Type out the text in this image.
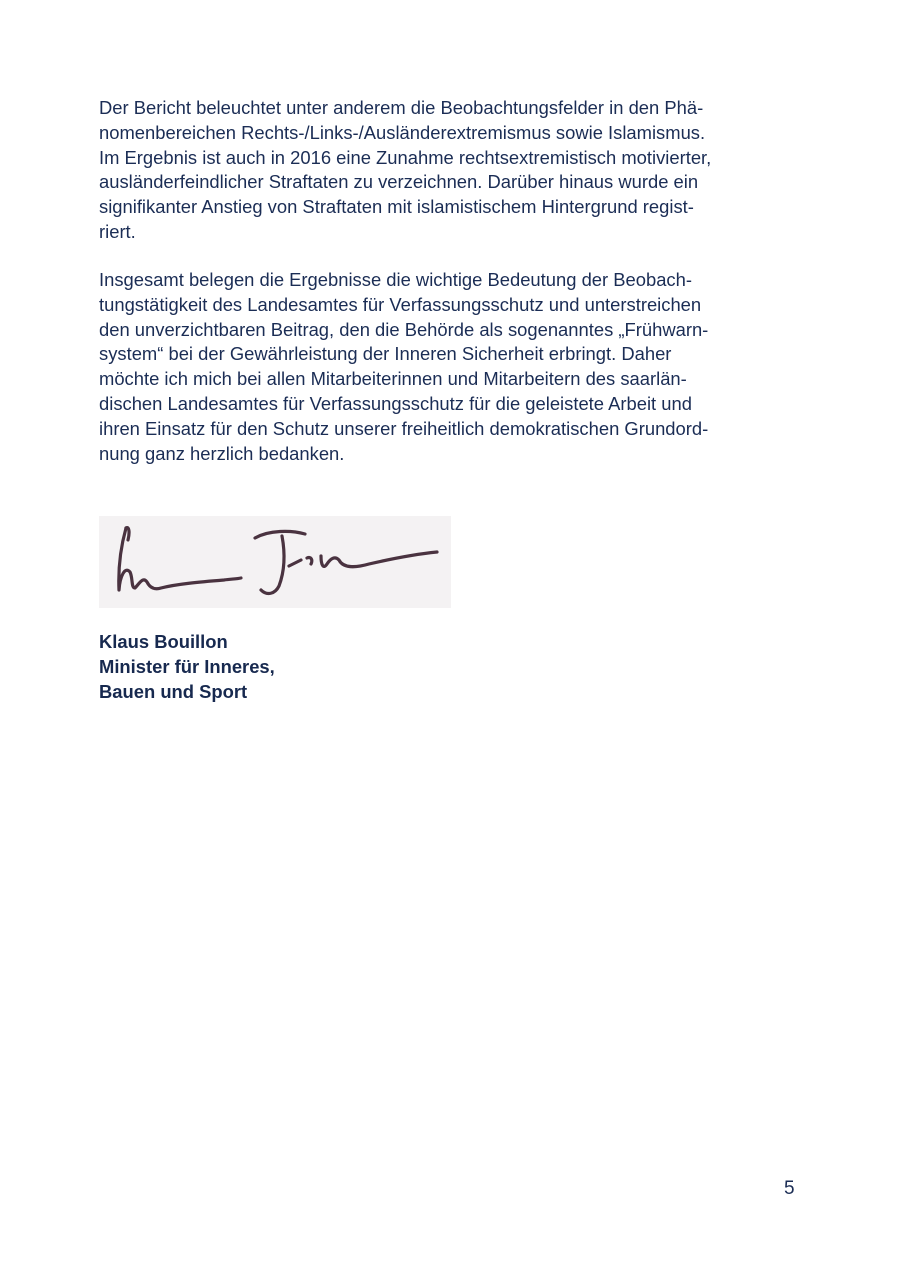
Der Bericht beleuchtet unter anderem die Beobachtungsfelder in den Phä-
nomenbereichen Rechts-/Links-/Ausländerextremismus sowie Islamismus.
Im Ergebnis ist auch in 2016 eine Zunahme rechtsextremistisch motivierter,
ausländerfeindlicher Straftaten zu verzeichnen. Darüber hinaus wurde ein
signifikanter Anstieg von Straftaten mit islamistischem Hintergrund regist-
riert.

Insgesamt belegen die Ergebnisse die wichtige Bedeutung der Beobach-
tungstätigkeit des Landesamtes für Verfassungsschutz und unterstreichen
den unverzichtbaren Beitrag, den die Behörde als sogenanntes „Frühwarn-
system“ bei der Gewährleistung der Inneren Sicherheit erbringt. Daher
möchte ich mich bei allen Mitarbeiterinnen und Mitarbeitern des saarlän-
dischen Landesamtes für Verfassungsschutz für die geleistete Arbeit und
ihren Einsatz für den Schutz unserer freiheitlich demokratischen Grundord-
nung ganz herzlich bedanken.

Klaus Bouillon
Minister für Inneres,
Bauen und Sport
5
